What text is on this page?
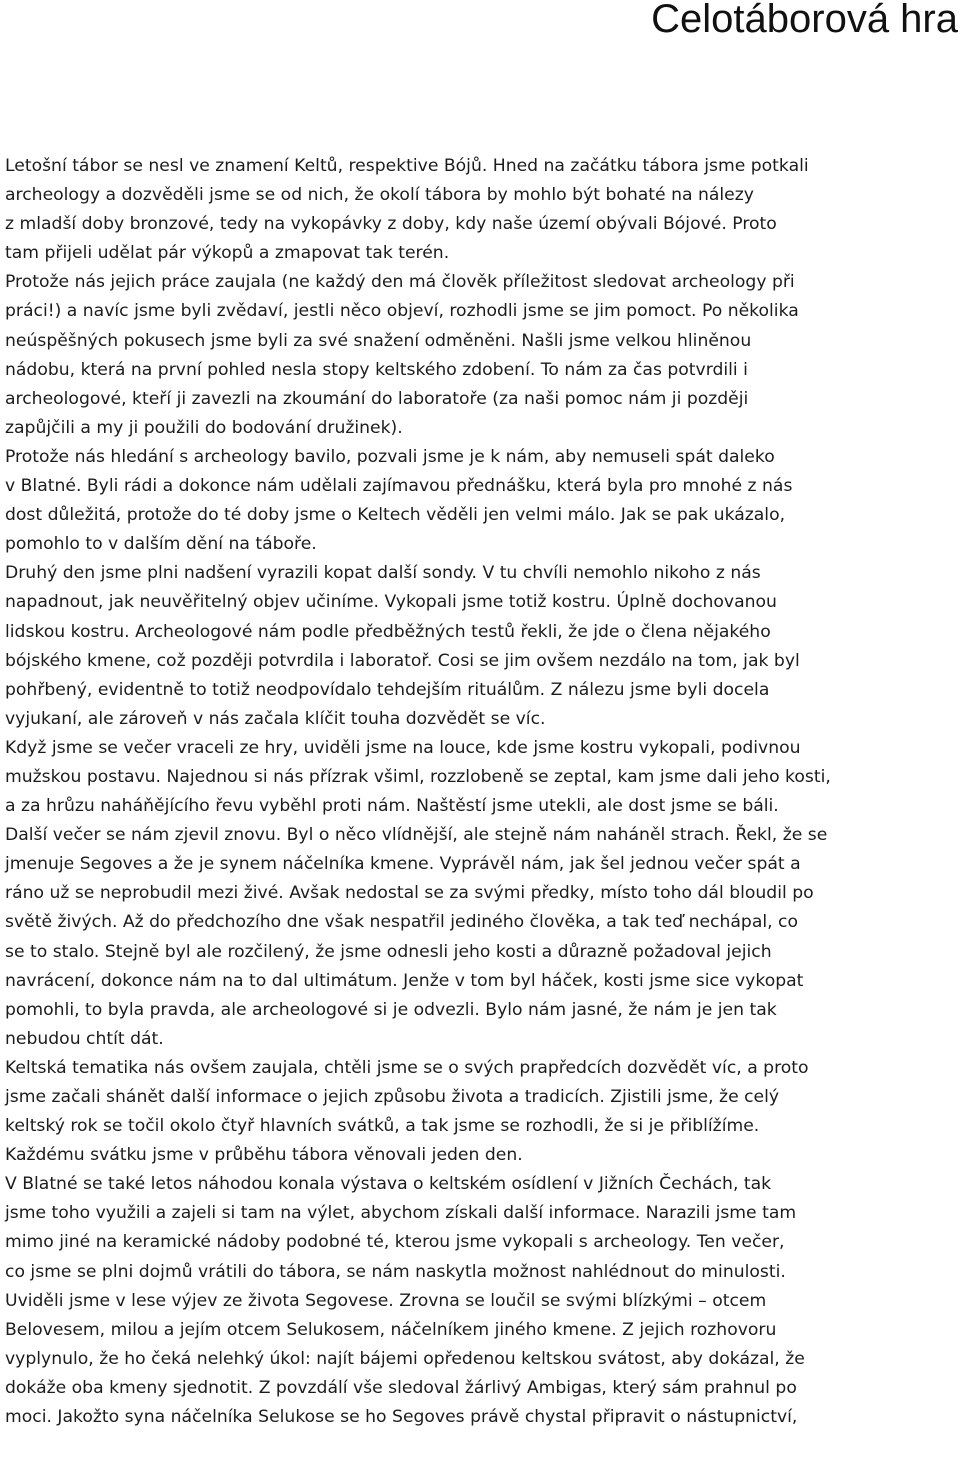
Celotáborová hra
Letošní tábor se nesl ve znamení Keltů, respektive Bójů. Hned na začátku tábora jsme potkali
archeology a dozvěděli jsme se od nich, že okolí tábora by mohlo být bohaté na nálezy
z mladší doby bronzové, tedy na vykopávky z doby, kdy naše území obývali Bójové. Proto
tam přijeli udělat pár výkopů a zmapovat tak terén.
Protože nás jejich práce zaujala (ne každý den má člověk příležitost sledovat archeology při
práci!) a navíc jsme byli zvědaví, jestli něco objeví, rozhodli jsme se jim pomoct. Po několika
neúspěšných pokusech jsme byli za své snažení odměněni. Našli jsme velkou hliněnou
nádobu, která na první pohled nesla stopy keltského zdobení. To nám za čas potvrdili i
archeologové, kteří ji zavezli na zkoumání do laboratoře (za naši pomoc nám ji později
zapůjčili a my ji použili do bodování družinek).
Protože nás hledání s archeology bavilo, pozvali jsme je k nám, aby nemuseli spát daleko
v Blatné. Byli rádi a dokonce nám udělali zajímavou přednášku, která byla pro mnohé z nás
dost důležitá, protože do té doby jsme o Keltech věděli jen velmi málo. Jak se pak ukázalo,
pomohlo to v dalším dění na táboře.
Druhý den jsme plni nadšení vyrazili kopat další sondy. V tu chvíli nemohlo nikoho z nás
napadnout, jak neuvěřitelný objev učiníme. Vykopali jsme totiž kostru. Úplně dochovanou
lidskou kostru. Archeologové nám podle předběžných testů řekli, že jde o člena nějakého
bójského kmene, což později potvrdila i laboratoř. Cosi se jim ovšem nezdálo na tom, jak byl
pohřbený, evidentně to totiž neodpovídalo tehdejším rituálům. Z nálezu jsme byli docela
vyjukaní, ale zároveň v nás začala klíčit touha dozvědět se víc.
Když jsme se večer vraceli ze hry, uviděli jsme na louce, kde jsme kostru vykopali, podivnou
mužskou postavu. Najednou si nás přízrak všiml, rozzlobeně se zeptal, kam jsme dali jeho kosti,
a za hrůzu naháňějícího řevu vyběhl proti nám. Naštěstí jsme utekli, ale dost jsme se báli.
Další večer se nám zjevil znovu. Byl o něco vlídnější, ale stejně nám naháněl strach. Řekl, že se
jmenuje Segoves a že je synem náčelníka kmene. Vyprávěl nám, jak šel jednou večer spát a
ráno už se neprobudil mezi živé. Avšak nedostal se za svými předky, místo toho dál bloudil po
světě živých. Až do předchozího dne však nespatřil jediného člověka, a tak teď nechápal, co
se to stalo. Stejně byl ale rozčilený, že jsme odnesli jeho kosti a důrazně požadoval jejich
navrácení, dokonce nám na to dal ultimátum. Jenže v tom byl háček, kosti jsme sice vykopat
pomohli, to byla pravda, ale archeologové si je odvezli. Bylo nám jasné, že nám je jen tak
nebudou chtít dát.
Keltská tematika nás ovšem zaujala, chtěli jsme se o svých prapředcích dozvědět víc, a proto
jsme začali shánět další informace o jejich způsobu života a tradicích. Zjistili jsme, že celý
keltský rok se točil okolo čtyř hlavních svátků, a tak jsme se rozhodli, že si je přiblížíme.
Každému svátku jsme v průběhu tábora věnovali jeden den.
V Blatné se také letos náhodou konala výstava o keltském osídlení v Jižních Čechách, tak
jsme toho využili a zajeli si tam na výlet, abychom získali další informace. Narazili jsme tam
mimo jiné na keramické nádoby podobné té, kterou jsme vykopali s archeology. Ten večer,
co jsme se plni dojmů vrátili do tábora, se nám naskytla možnost nahlédnout do minulosti.
Uviděli jsme v lese výjev ze života Segovese. Zrovna se loučil se svými blízkými – otcem
Belovesem, milou a jejím otcem Selukosem, náčelníkem jiného kmene. Z jejich rozhovoru
vyplynulo, že ho čeká nelehký úkol: najít bájemi opředenou keltskou svátost, aby dokázal, že
dokáže oba kmeny sjednotit. Z povzdálí vše sledoval žárlivý Ambigas, který sám prahnul po
moci. Jakožto syna náčelníka Selukose se ho Segoves právě chystal připravit o nástupnictví,
